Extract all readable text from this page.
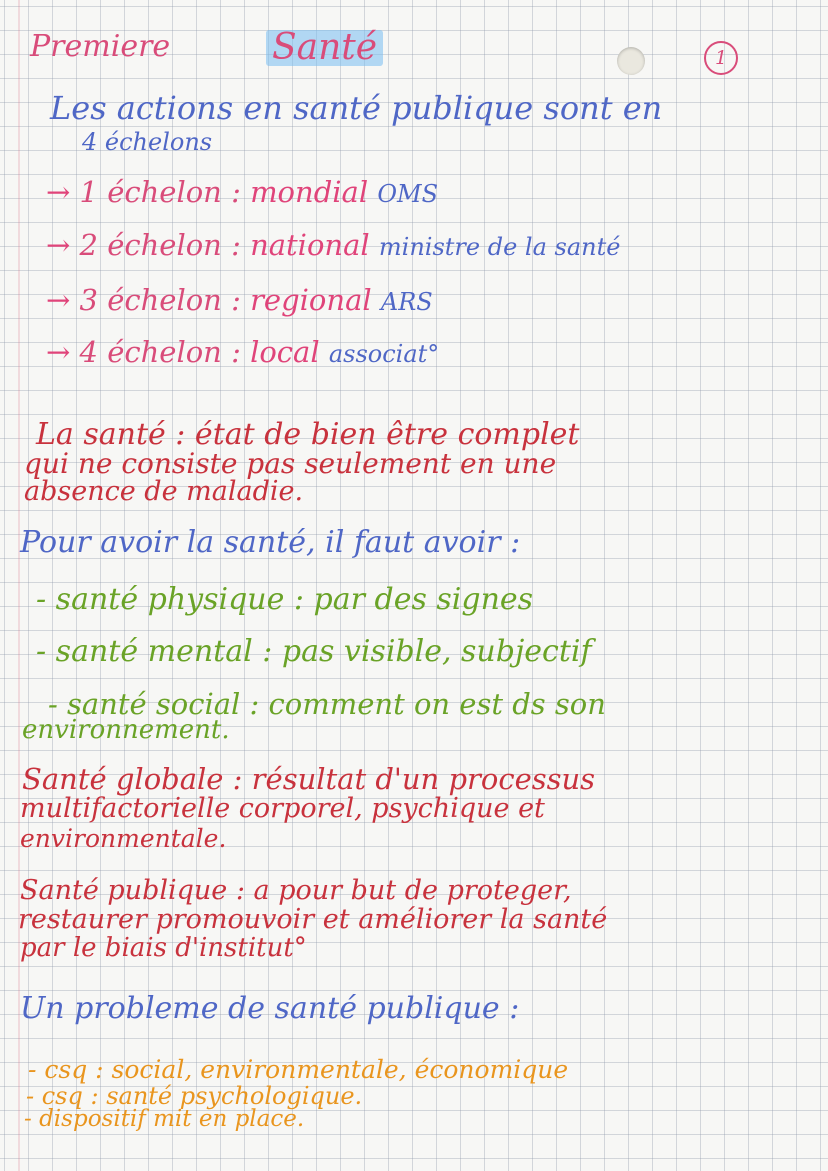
Premiere	Santé	1
Les actions en santé publique sont en
4 échelons
→ 1 échelon : mondial OMS
→ 2 échelon : national ministre de la santé
→ 3 échelon : regional ARS
→ 4 échelon : local associat°
La santé : état de bien être complet
qui ne consiste pas seulement en une
absence de maladie.
Pour avoir la santé, il faut avoir :
- santé physique : par des signes
- santé mental : pas visible, subjectif
- santé social : comment on est ds son
environnement.
Santé globale : résultat d'un processus
multifactorielle corporel, psychique et
environmentale.
Santé publique : a pour but de proteger,
restaurer promouvoir et améliorer la santé
par le biais d'institut°
Un probleme de santé publique :
- csq : social, environmentale, économique
- csq : santé psychologique.
- dispositif mit en place.
